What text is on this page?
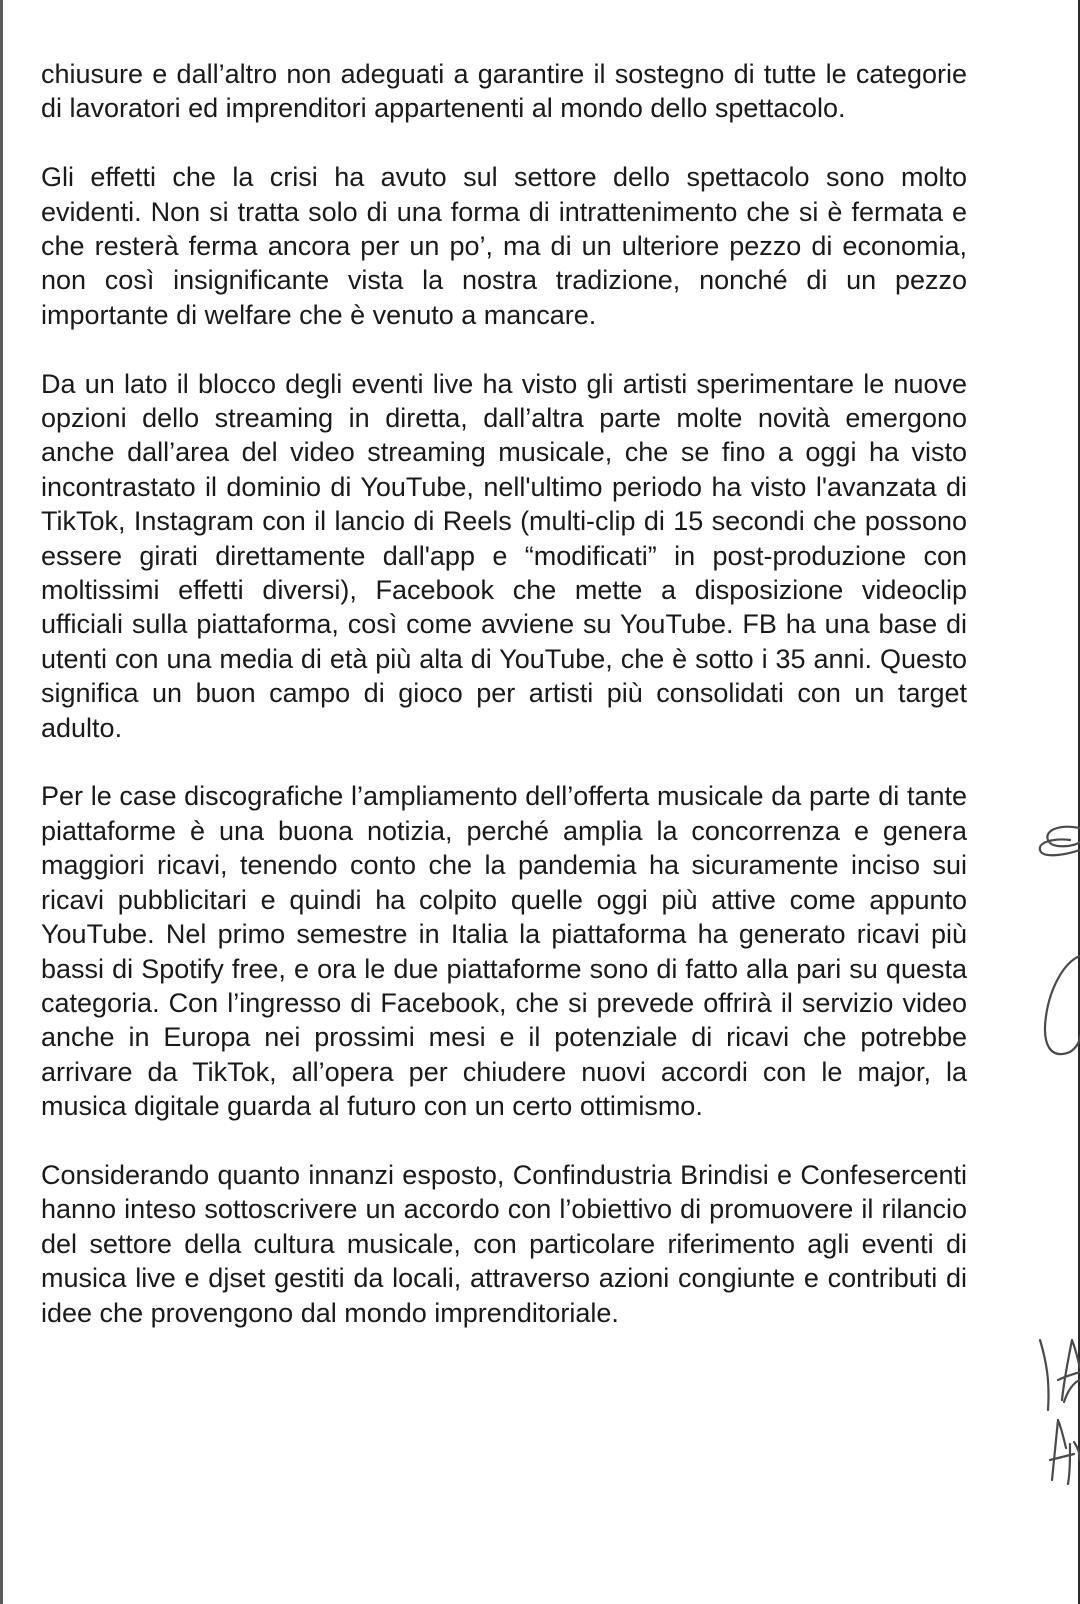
chiusure e dall’altro non adeguati a garantire il sostegno di tutte le categorie di lavoratori ed imprenditori appartenenti al mondo dello spettacolo.

Gli effetti che la crisi ha avuto sul settore dello spettacolo sono molto evidenti. Non si tratta solo di una forma di intrattenimento che si è fermata e che resterà ferma ancora per un po’, ma di un ulteriore pezzo di economia, non così insignificante vista la nostra tradizione, nonché di un pezzo importante di welfare che è venuto a mancare.

Da un lato il blocco degli eventi live ha visto gli artisti sperimentare le nuove opzioni dello streaming in diretta, dall’altra parte molte novità emergono anche dall’area del video streaming musicale, che se fino a oggi ha visto incontrastato il dominio di YouTube, nell'ultimo periodo ha visto l'avanzata di TikTok, Instagram con il lancio di Reels (multi-clip di 15 secondi che possono essere girati direttamente dall'app e “modificati” in post-produzione con moltissimi effetti diversi), Facebook che mette a disposizione videoclip ufficiali sulla piattaforma, così come avviene su YouTube. FB ha una base di utenti con una media di età più alta di YouTube, che è sotto i 35 anni. Questo significa un buon campo di gioco per artisti più consolidati con un target adulto.

Per le case discografiche l’ampliamento dell’offerta musicale da parte di tante piattaforme è una buona notizia, perché amplia la concorrenza e genera maggiori ricavi, tenendo conto che la pandemia ha sicuramente inciso sui ricavi pubblicitari e quindi ha colpito quelle oggi più attive come appunto YouTube. Nel primo semestre in Italia la piattaforma ha generato ricavi più bassi di Spotify free, e ora le due piattaforme sono di fatto alla pari su questa categoria. Con l’ingresso di Facebook, che si prevede offrirà il servizio video anche in Europa nei prossimi mesi e il potenziale di ricavi che potrebbe arrivare da TikTok, all’opera per chiudere nuovi accordi con le major, la musica digitale guarda al futuro con un certo ottimismo.

Considerando quanto innanzi esposto, Confindustria Brindisi e Confesercenti hanno inteso sottoscrivere un accordo con l’obiettivo di promuovere il rilancio del settore della cultura musicale, con particolare riferimento agli eventi di musica live e djset gestiti da locali, attraverso azioni congiunte e contributi di idee che provengono dal mondo imprenditoriale.
